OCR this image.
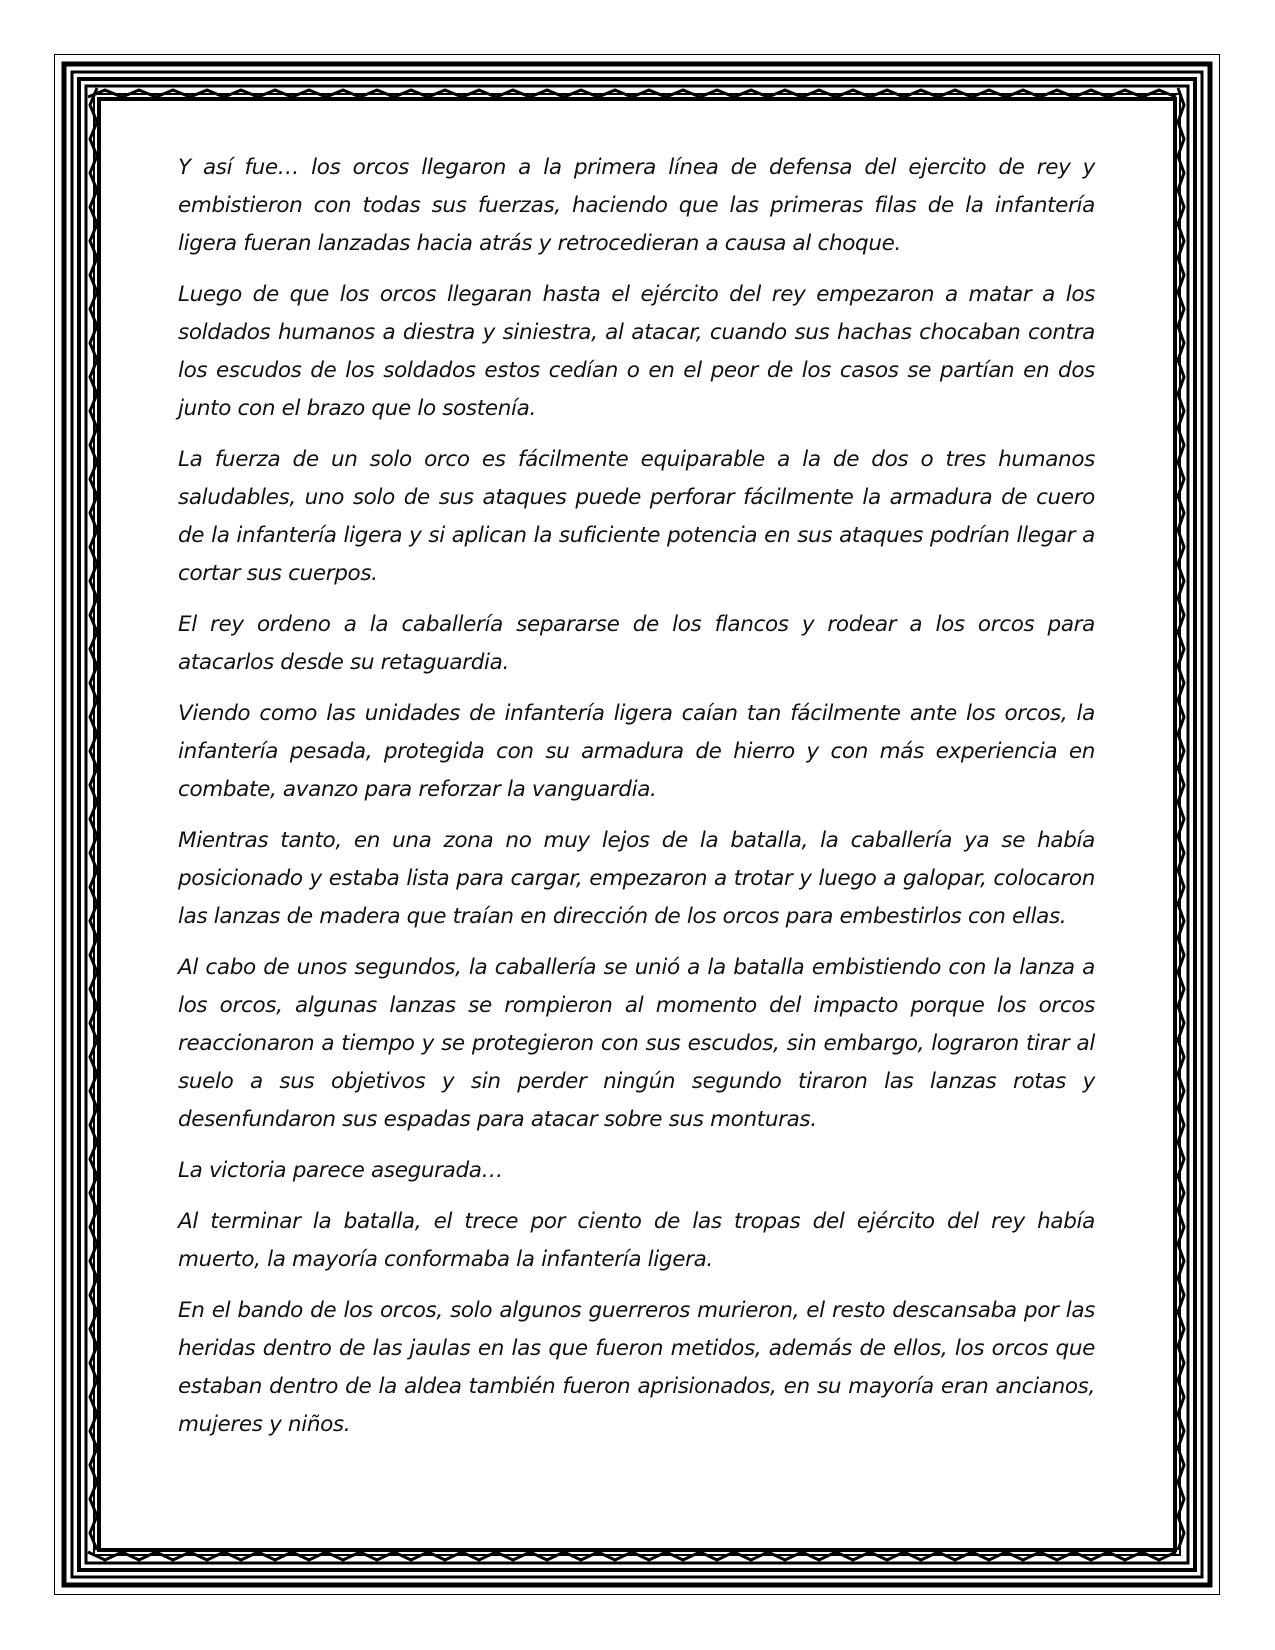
Y así fue… los orcos llegaron a la primera línea de defensa del ejercito de rey y embistieron con todas sus fuerzas, haciendo que las primeras filas de la infantería ligera fueran lanzadas hacia atrás y retrocedieran a causa al choque.

Luego de que los orcos llegaran hasta el ejército del rey empezaron a matar a los soldados humanos a diestra y siniestra, al atacar, cuando sus hachas chocaban contra los escudos de los soldados estos cedían o en el peor de los casos se partían en dos junto con el brazo que lo sostenía.

La fuerza de un solo orco es fácilmente equiparable a la de dos o tres humanos saludables, uno solo de sus ataques puede perforar fácilmente la armadura de cuero de la infantería ligera y si aplican la suficiente potencia en sus ataques podrían llegar a cortar sus cuerpos.

El rey ordeno a la caballería separarse de los flancos y rodear a los orcos para atacarlos desde su retaguardia.

Viendo como las unidades de infantería ligera caían tan fácilmente ante los orcos, la infantería pesada, protegida con su armadura de hierro y con más experiencia en combate, avanzo para reforzar la vanguardia.

Mientras tanto, en una zona no muy lejos de la batalla, la caballería ya se había posicionado y estaba lista para cargar, empezaron a trotar y luego a galopar, colocaron las lanzas de madera que traían en dirección de los orcos para embestirlos con ellas.

Al cabo de unos segundos, la caballería se unió a la batalla embistiendo con la lanza a los orcos, algunas lanzas se rompieron al momento del impacto porque los orcos reaccionaron a tiempo y se protegieron con sus escudos, sin embargo, lograron tirar al suelo a sus objetivos y sin perder ningún segundo tiraron las lanzas rotas y desenfundaron sus espadas para atacar sobre sus monturas.

La victoria parece asegurada…

Al terminar la batalla, el trece por ciento de las tropas del ejército del rey había muerto, la mayoría conformaba la infantería ligera.

En el bando de los orcos, solo algunos guerreros murieron, el resto descansaba por las heridas dentro de las jaulas en las que fueron metidos, además de ellos, los orcos que estaban dentro de la aldea también fueron aprisionados, en su mayoría eran ancianos, mujeres y niños.
